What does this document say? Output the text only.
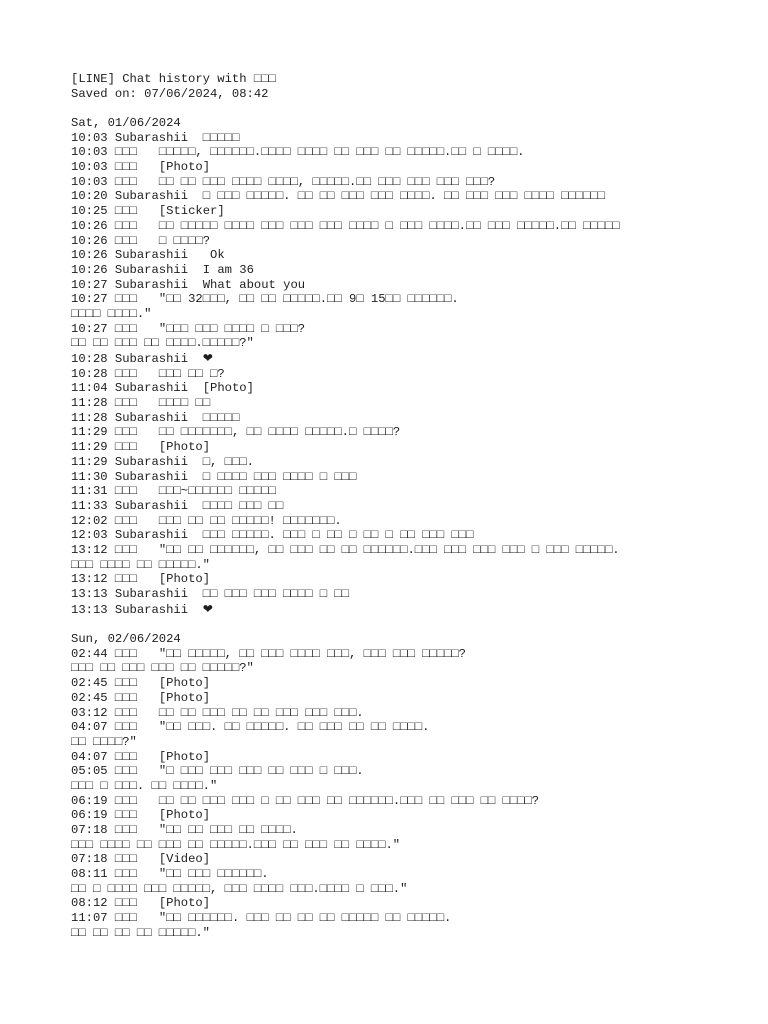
[LINE] Chat history with □□□
Saved on: 07/06/2024, 08:42
Sat, 01/06/2024
10:03 Subarashii □□□□□
10:03 □□□ □□□□□, □□□□□□.□□□□ □□□□ □□ □□□ □□ □□□□□.□□ □ □□□□.
10:03 □□□ [Photo]
10:03 □□□ □□ □□ □□□ □□□□ □□□□, □□□□□.□□ □□□ □□□ □□□ □□□?
10:20 Subarashii □ □□□ □□□□□. □□ □□ □□□ □□□ □□□□. □□ □□□ □□□ □□□□ □□□□□□
10:25 □□□ [Sticker]
10:26 □□□ □□ □□□□□ □□□□ □□□ □□□ □□□ □□□□ □ □□□ □□□□.□□ □□□ □□□□□.□□ □□□□□
10:26 □□□ □ □□□□?
10:26 Subarashii   Ok
10:26 Subarashii I am 36
10:27 Subarashii What about you
10:27 □□□ "□□ 32□□□, □□ □□ □□□□□.□□ 9□ 15□□ □□□□□□.
□□□□ □□□□."
10:27 □□□ "□□□ □□□ □□□□ □ □□□?
□□ □□ □□□ □□ □□□□.□□□□□?"
10:28 Subarashii ❤
10:28 □□□ □□□ □□ □?
11:04 Subarashii [Photo]
11:28 □□□ □□□□ □□
11:28 Subarashii □□□□□
11:29 □□□ □□ □□□□□□□, □□ □□□□ □□□□□.□ □□□□?
11:29 □□□ [Photo]
11:29 Subarashii □, □□□.
11:30 Subarashii □ □□□□ □□□ □□□□ □ □□□
11:31 □□□ □□□~□□□□□□ □□□□□
11:33 Subarashii □□□□ □□□ □□
12:02 □□□ □□□ □□ □□ □□□□□! □□□□□□□.
12:03 Subarashii □□□ □□□□□. □□□ □ □□ □ □□ □ □□ □□□ □□□
13:12 □□□ "□□ □□ □□□□□□, □□ □□□ □□ □□ □□□□□□.□□□ □□□ □□□ □□□ □ □□□ □□□□□.
□□□ □□□□ □□ □□□□□."
13:12 □□□ [Photo]
13:13 Subarashii □□ □□□ □□□ □□□□ □ □□
13:13 Subarashii ❤
Sun, 02/06/2024
02:44 □□□ "□□ □□□□□, □□ □□□ □□□□ □□□, □□□ □□□ □□□□□?
□□□ □□ □□□ □□□ □□ □□□□□?"
02:45 □□□ [Photo]
02:45 □□□ [Photo]
03:12 □□□ □□ □□ □□□ □□ □□ □□□ □□□ □□□.
04:07 □□□ "□□ □□□. □□ □□□□□. □□ □□□ □□ □□ □□□□.
□□ □□□□?"
04:07 □□□ [Photo]
05:05 □□□ "□ □□□ □□□ □□□ □□ □□□ □ □□□.
□□□ □ □□□. □□ □□□□."
06:19 □□□ □□ □□ □□□ □□□ □ □□ □□□ □□ □□□□□□.□□□ □□ □□□ □□ □□□□?
06:19 □□□ [Photo]
07:18 □□□ "□□ □□ □□□ □□ □□□□.
□□□ □□□□ □□ □□□ □□ □□□□□.□□□ □□ □□□ □□ □□□□."
07:18 □□□ [Video]
08:11 □□□ "□□ □□□ □□□□□□.
□□ □ □□□□ □□□ □□□□□, □□□ □□□□ □□□.□□□□ □ □□□."
08:12 □□□ [Photo]
11:07 □□□ "□□ □□□□□□. □□□ □□ □□ □□ □□□□□ □□ □□□□□.
□□ □□ □□ □□ □□□□□."
